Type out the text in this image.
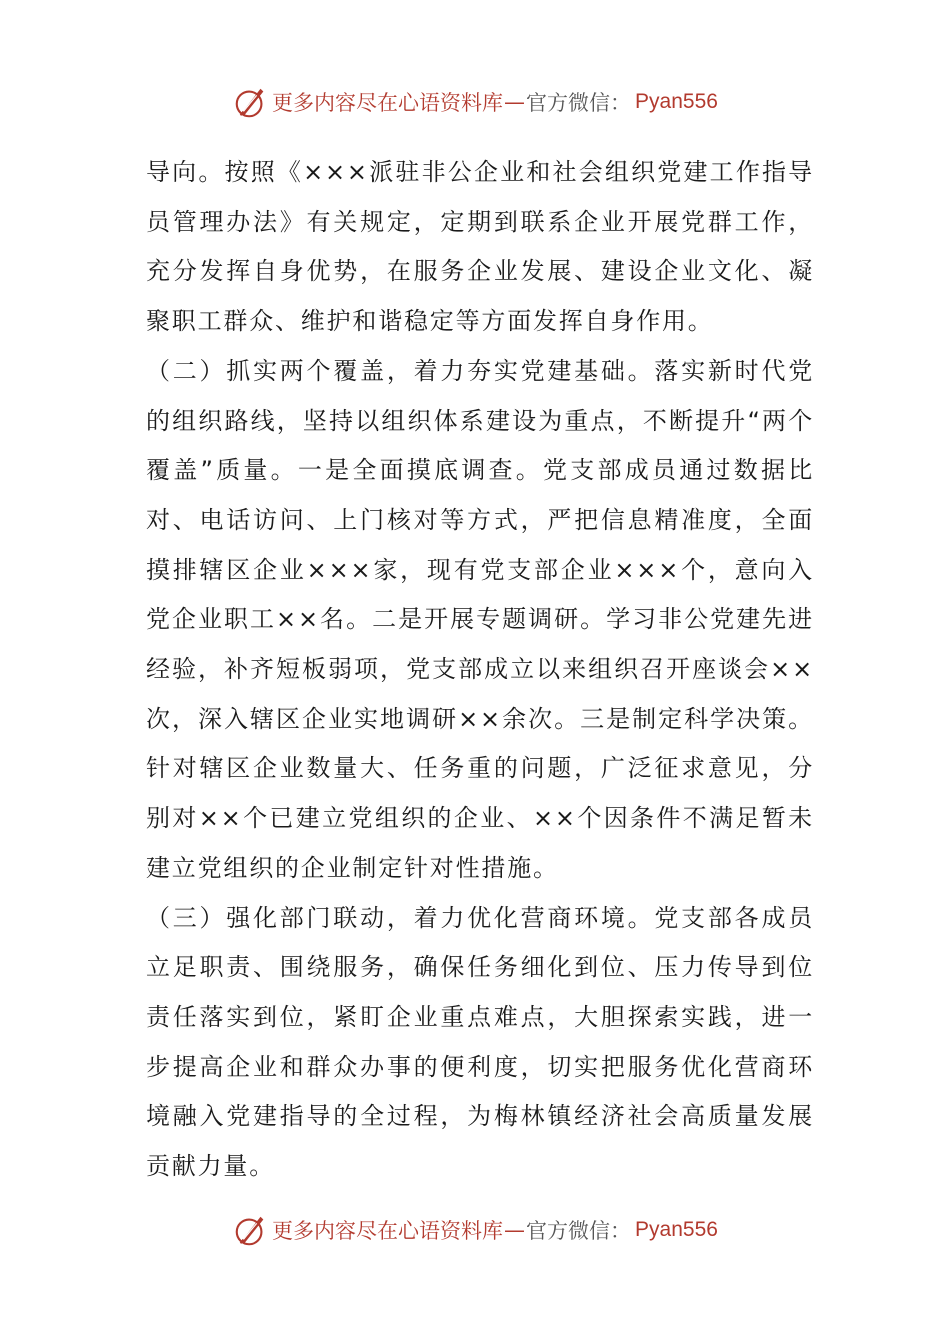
更多内容尽在心语资料库 — 官方微信： Pyan556

导向。按照《×××派驻非公企业和社会组织党建工作指导员管理办法》有关规定，定期到联系企业开展党群工作，充分发挥自身优势，在服务企业发展、建设企业文化、凝聚职工群众、维护和谐稳定等方面发挥自身作用。

（二）抓实两个覆盖，着力夯实党建基础。落实新时代党的组织路线，坚持以组织体系建设为重点，不断提升“两个覆盖”质量。一是全面摸底调查。党支部成员通过数据比对、电话访问、上门核对等方式，严把信息精准度，全面摸排辖区企业×××家，现有党支部企业×××个，意向入党企业职工××名。二是开展专题调研。学习非公党建先进经验，补齐短板弱项，党支部成立以来组织召开座谈会××次，深入辖区企业实地调研××余次。三是制定科学决策。针对辖区企业数量大、任务重的问题，广泛征求意见，分别对××个已建立党组织的企业、××个因条件不满足暂未建立党组织的企业制定针对性措施。

（三）强化部门联动，着力优化营商环境。党支部各成员立足职责、围绕服务，确保任务细化到位、压力传导到位责任落实到位，紧盯企业重点难点，大胆探索实践，进一步提高企业和群众办事的便利度，切实把服务优化营商环境融入党建指导的全过程，为梅林镇经济社会高质量发展贡献力量。

更多内容尽在心语资料库 — 官方微信： Pyan556
